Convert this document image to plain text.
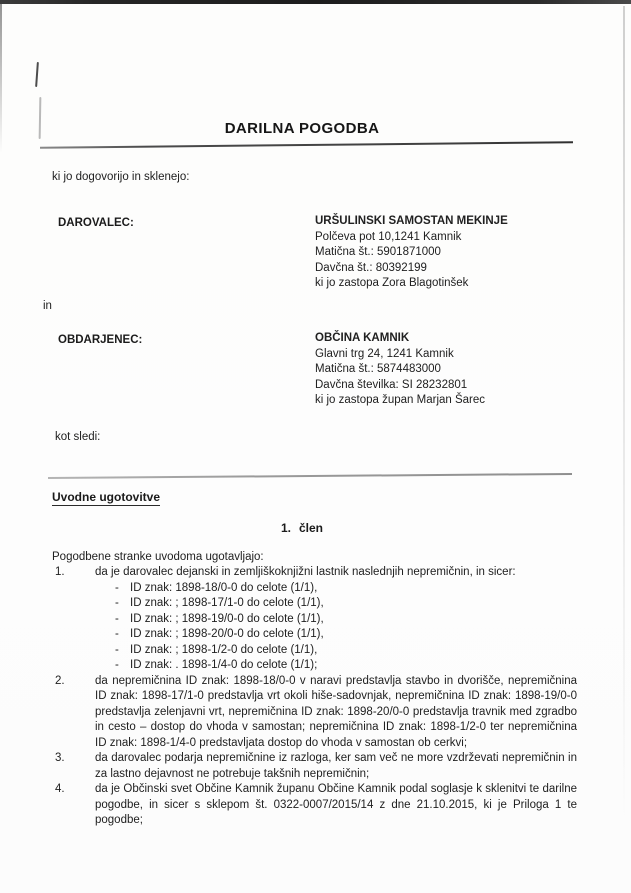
DARILNA POGODBA

ki jo dogovorijo in sklenejo:

DAROVALEC:	URŠULINSKI SAMOSTAN MEKINJE
Polčeva pot 10,1241 Kamnik
Matična št.: 5901871000
Davčna št.: 80392199
ki jo zastopa Zora Blagotinšek

in

OBDARJENEC:	OBČINA KAMNIK
Glavni trg 24, 1241 Kamnik
Matična št.: 5874483000
Davčna številka: SI 28232801
ki jo zastopa župan Marjan Šarec

kot sledi:

Uvodne ugotovitve
1. člen

Pogodbene stranke uvodoma ugotavljajo:

1.	da je darovalec dejanski in zemljiškoknjižni lastnik naslednjih nepremičnin, in sicer:
- ID znak: 1898-18/0-0 do celote (1/1),
- ID znak: ; 1898-17/1-0 do celote (1/1),
- ID znak: ; 1898-19/0-0 do celote (1/1),
- ID znak: ; 1898-20/0-0 do celote (1/1),
- ID znak: ; 1898-1/2-0 do celote (1/1),
- ID znak: . 1898-1/4-0 do celote (1/1);
2.	da nepremičnina ID znak: 1898-18/0-0 v naravi predstavlja stavbo in dvorišče, nepremičnina ID znak: 1898-17/1-0 predstavlja vrt okoli hiše-sadovnjak, nepremičnina ID znak: 1898-19/0-0 predstavlja zelenjavni vrt, nepremičnina ID znak: 1898-20/0-0 predstavlja travnik med zgradbo in cesto – dostop do vhoda v samostan; nepremičnina ID znak: 1898-1/2-0 ter nepremičnina ID znak: 1898-1/4-0 predstavljata dostop do vhoda v samostan ob cerkvi;
3.	da darovalec podarja nepremičnine iz razloga, ker sam več ne more vzdrževati nepremičnin in za lastno dejavnost ne potrebuje takšnih nepremičnin;
4.	da je Občinski svet Občine Kamnik županu Občine Kamnik podal soglasje k sklenitvi te darilne pogodbe, in sicer s sklepom št. 0322-0007/2015/14 z dne 21.10.2015, ki je Priloga 1 te pogodbe;
